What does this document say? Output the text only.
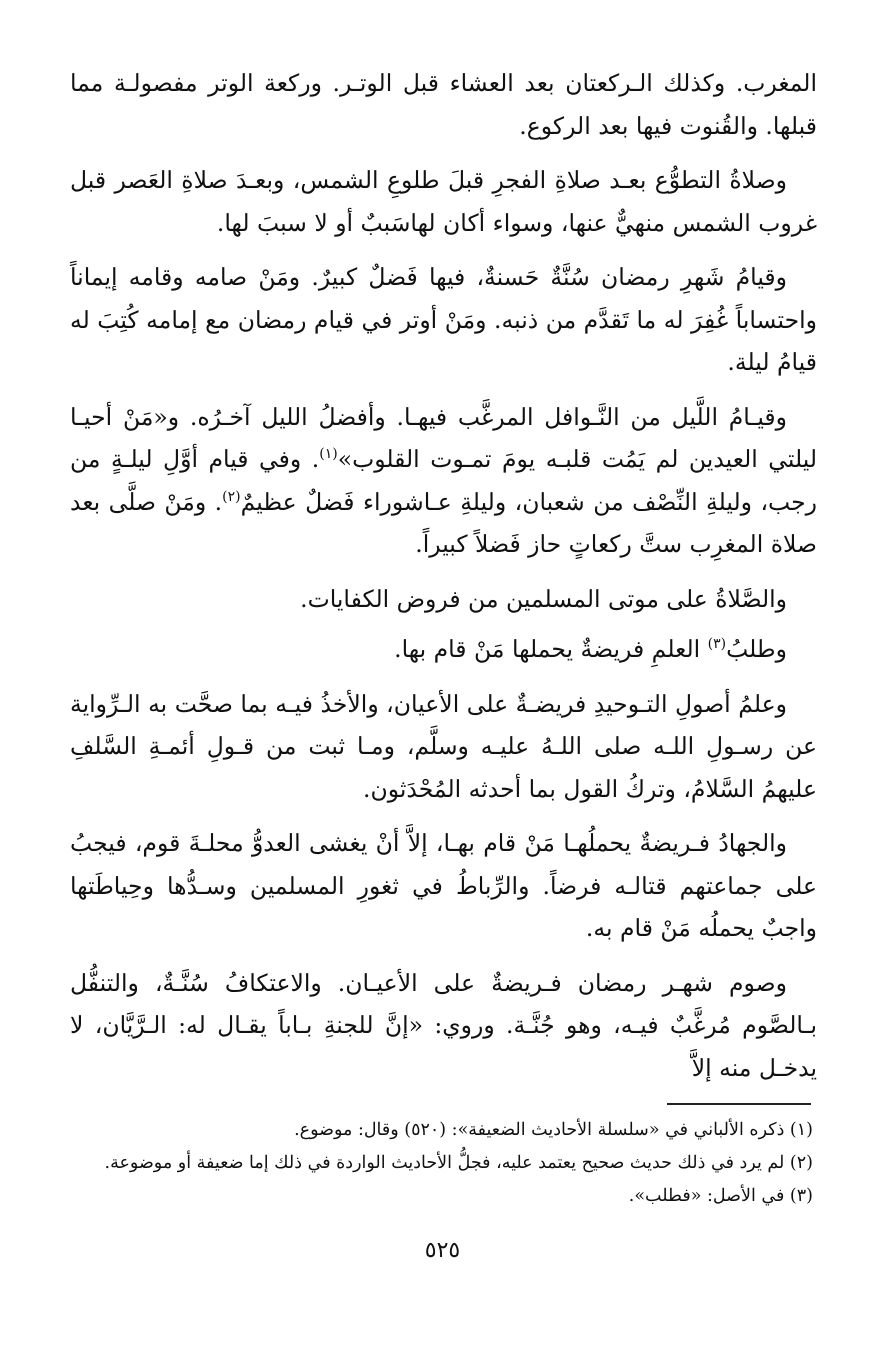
المغرب. وكذلك الـركعتان بعد العشاء قبل الوتـر. وركعة الوتر مفصولـة مما قبلها. والقُنوت فيها بعد الركوع.

وصلاةُ التطوُّع بعـد صلاةِ الفجرِ قبلَ طلوعِ الشمس، وبعـدَ صلاةِ العَصر قبل غروب الشمس منهيٌّ عنها، وسواء أكان لهاسَببٌ أو لا سببَ لها.

وقيامُ شَهرِ رمضان سُنَّةٌ حَسنةٌ، فيها فَضلٌ كبيرٌ. ومَنْ صامه وقامه إيماناً واحتساباً غُفِرَ له ما تَقدَّم من ذنبه. ومَنْ أوتر في قيام رمضان مع إمامه كُتِبَ له قيامُ ليلة.

وقيـامُ اللَّيل من النَّـوافل المرغَّب فيهـا. وأفضلُ الليل آخـرُه. و«مَنْ أحيـا ليلتي العيدين لم يَمُت قلبـه يومَ تمـوت القلوب»$^{(١)}$. وفي قيام أوَّلِ ليلـةٍ من رجب، وليلةِ النِّصْف من شعبان، وليلةِ عـاشوراء فَضلٌ عظيمٌ$^{(٢)}$. ومَنْ صلَّى بعد صلاة المغرِب ستَّ ركعاتٍ حاز فَضلاً كبيراً.

والصَّلاةُ على موتى المسلمين من فروض الكفايات.

وطلبُ$^{(٣)}$ العلمِ فريضةٌ يحملها مَنْ قام بها.

وعلمُ أصولِ التـوحيدِ فريضـةٌ على الأعيان، والأخذُ فيـه بما صحَّت به الـرِّواية عن رسـولِ اللـه صلى اللـهُ عليـه وسلَّم، ومـا ثبت من قـولِ أئمـةِ السَّلفِ عليهمُ السَّلامُ، وتركُ القول بما أحدثه المُحْدَثون.

والجهادُ فـريضةٌ يحملُهـا مَنْ قام بهـا، إلاَّ أنْ يغشى العدوُّ محلـةَ قوم، فيجبُ على جماعتهم قتالـه فرضاً. والرِّباطُ في ثغورِ المسلمين وسـدُّها وحِياطَتها واجبٌ يحملُه مَنْ قام به.

وصوم شهـر رمضان فـريضةٌ على الأعيـان. والاعتكافُ سُنَّـةٌ، والتنفُّل بـالصَّوم مُرغَّبٌ فيـه، وهو جُنَّـة. وروي: «إنَّ للجنةِ بـاباً يقـال له: الـرَّيَّان، لا يدخـل منه إلاَّ

(١) ذكره الألباني في «سلسلة الأحاديث الضعيفة»: (٥٢٠) وقال: موضوع.
(٢) لم يرد في ذلك حديث صحيح يعتمد عليه، فجلُّ الأحاديث الواردة في ذلك إما ضعيفة أو موضوعة.
(٣) في الأصل: «فطلب».
٥٢٥
